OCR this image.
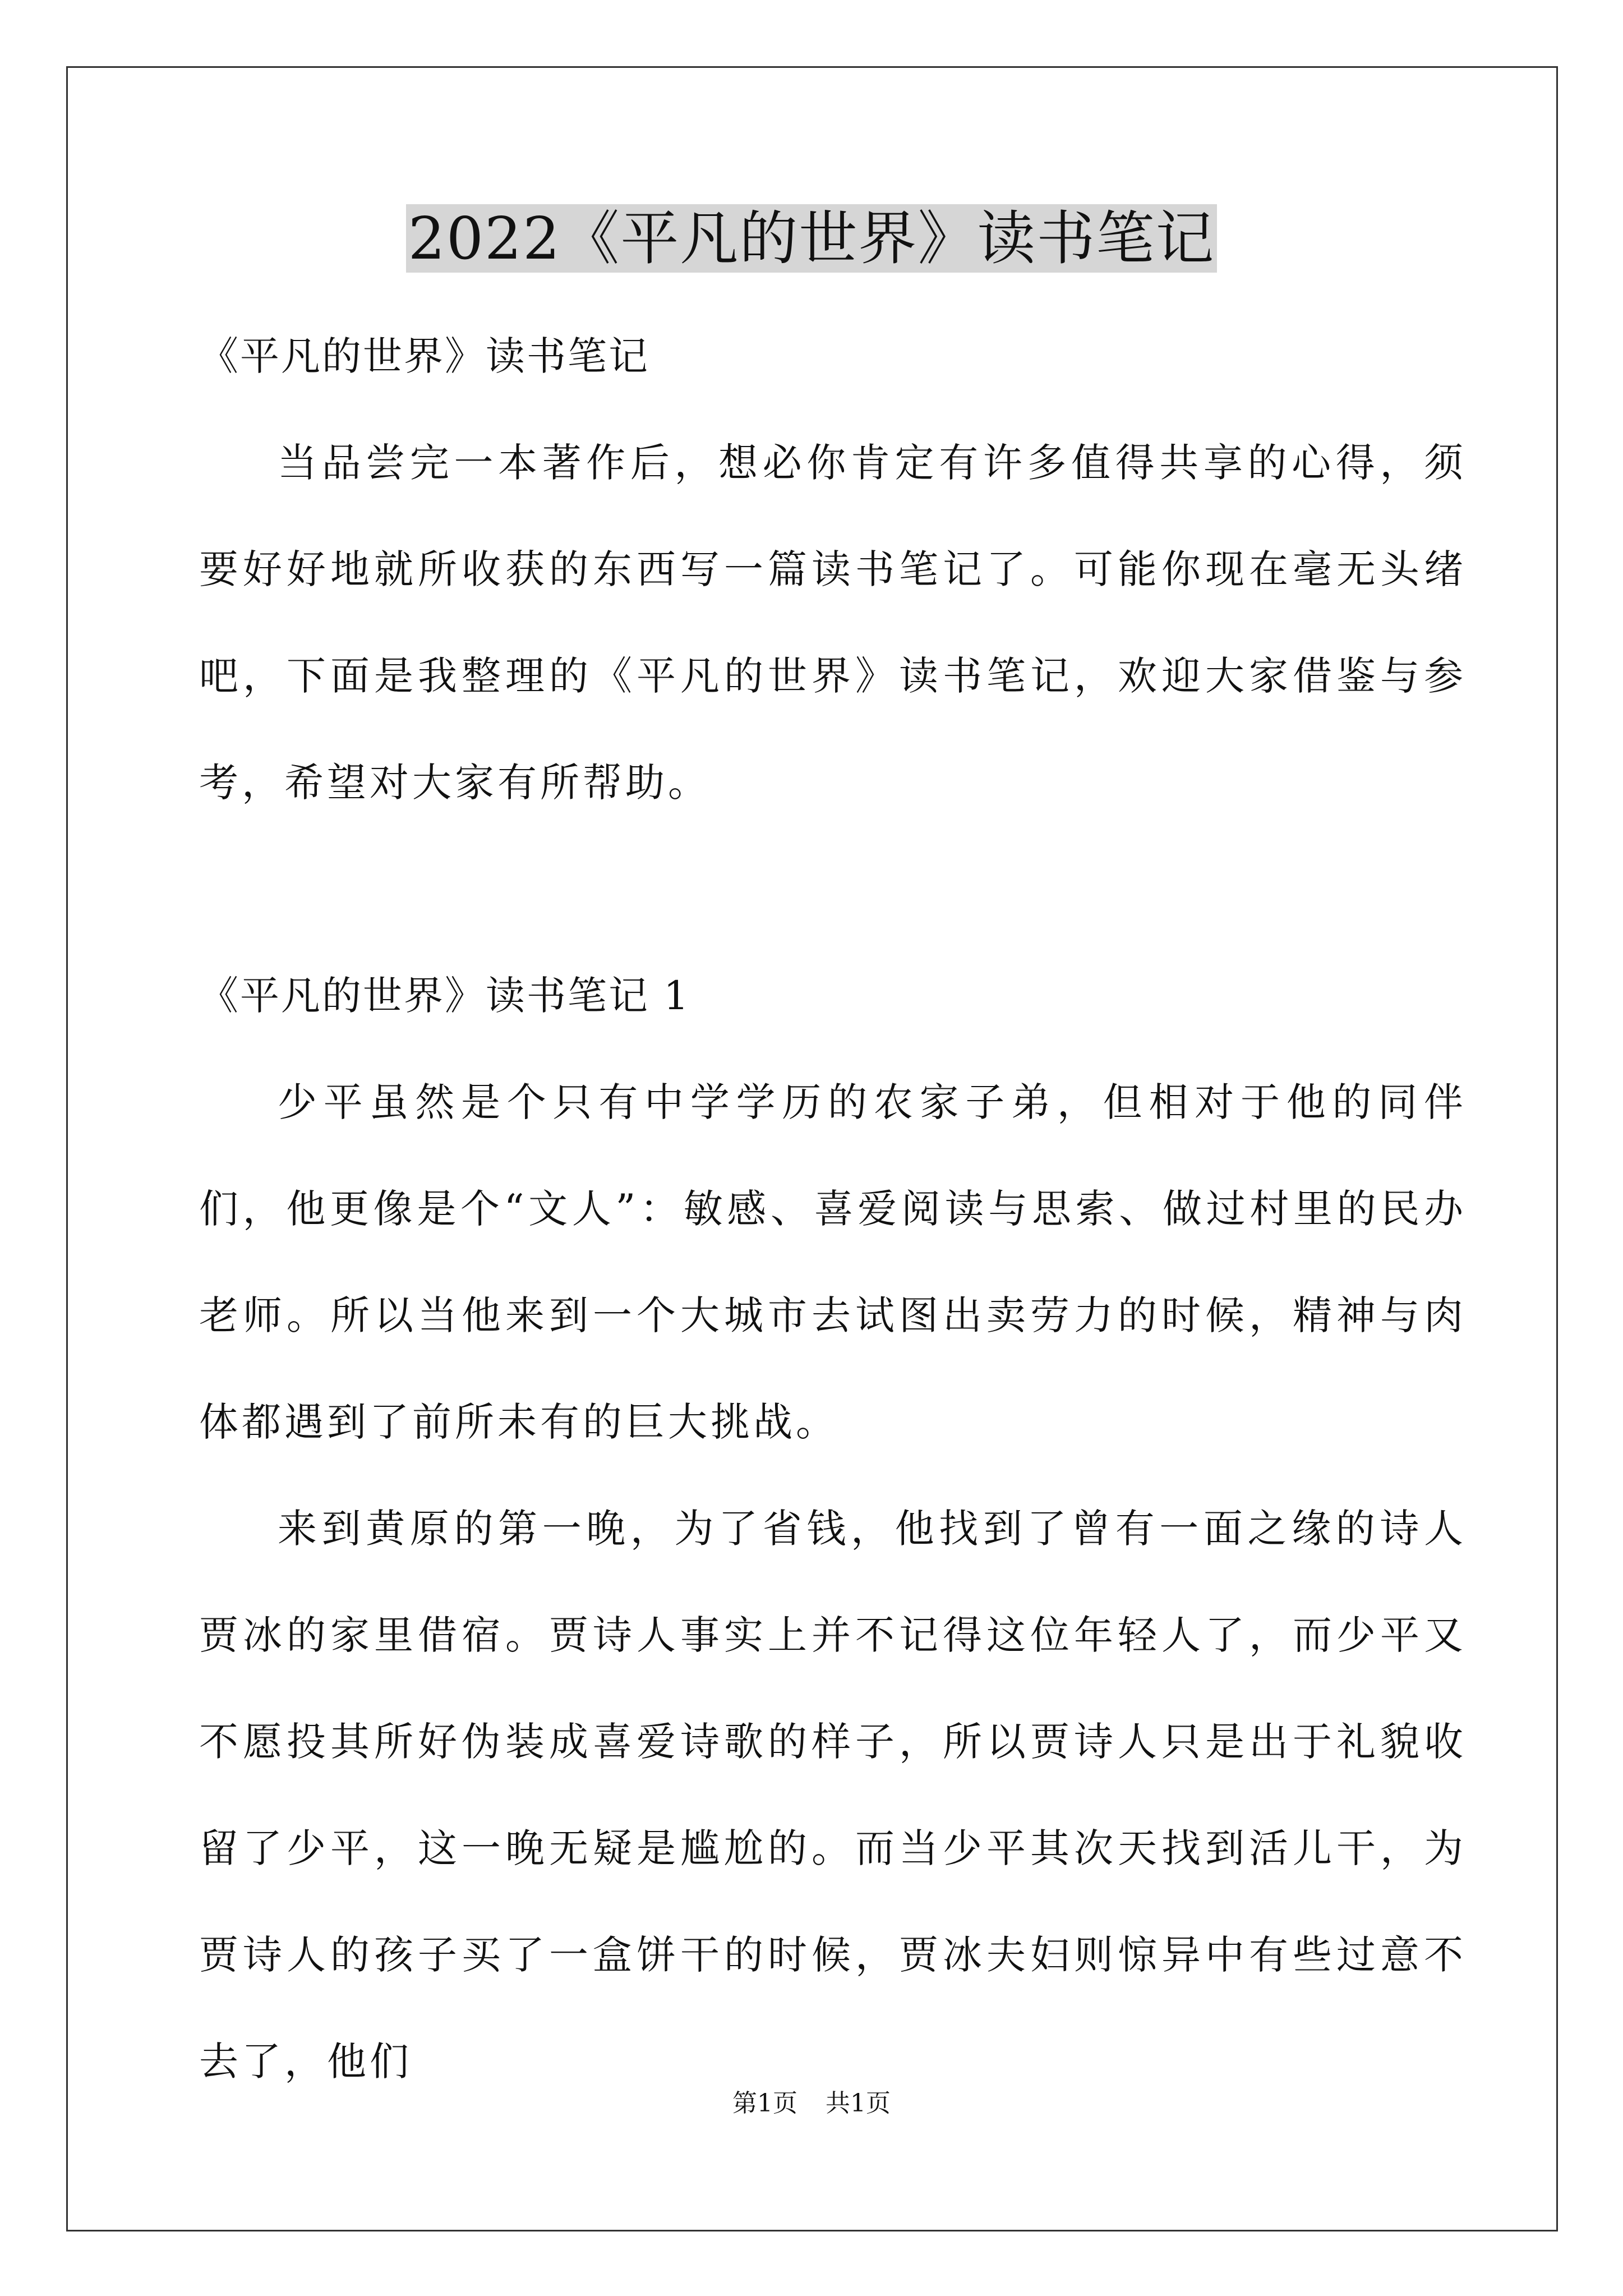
2022《平凡的世界》读书笔记

《平凡的世界》读书笔记

当品尝完一本著作后，想必你肯定有许多值得共享的心得，须要好好地就所收获的东西写一篇读书笔记了。可能你现在毫无头绪吧，下面是我整理的《平凡的世界》读书笔记，欢迎大家借鉴与参考，希望对大家有所帮助。

《平凡的世界》读书笔记 1

少平虽然是个只有中学学历的农家子弟，但相对于他的同伴们，他更像是个“文人”：敏感、喜爱阅读与思索、做过村里的民办老师。所以当他来到一个大城市去试图出卖劳力的时候，精神与肉体都遇到了前所未有的巨大挑战。

来到黄原的第一晚，为了省钱，他找到了曾有一面之缘的诗人贾冰的家里借宿。贾诗人事实上并不记得这位年轻人了，而少平又不愿投其所好伪装成喜爱诗歌的样子，所以贾诗人只是出于礼貌收留了少平，这一晚无疑是尴尬的。而当少平其次天找到活儿干，为贾诗人的孩子买了一盒饼干的时候，贾冰夫妇则惊异中有些过意不去了，他们

第1页 共1页
